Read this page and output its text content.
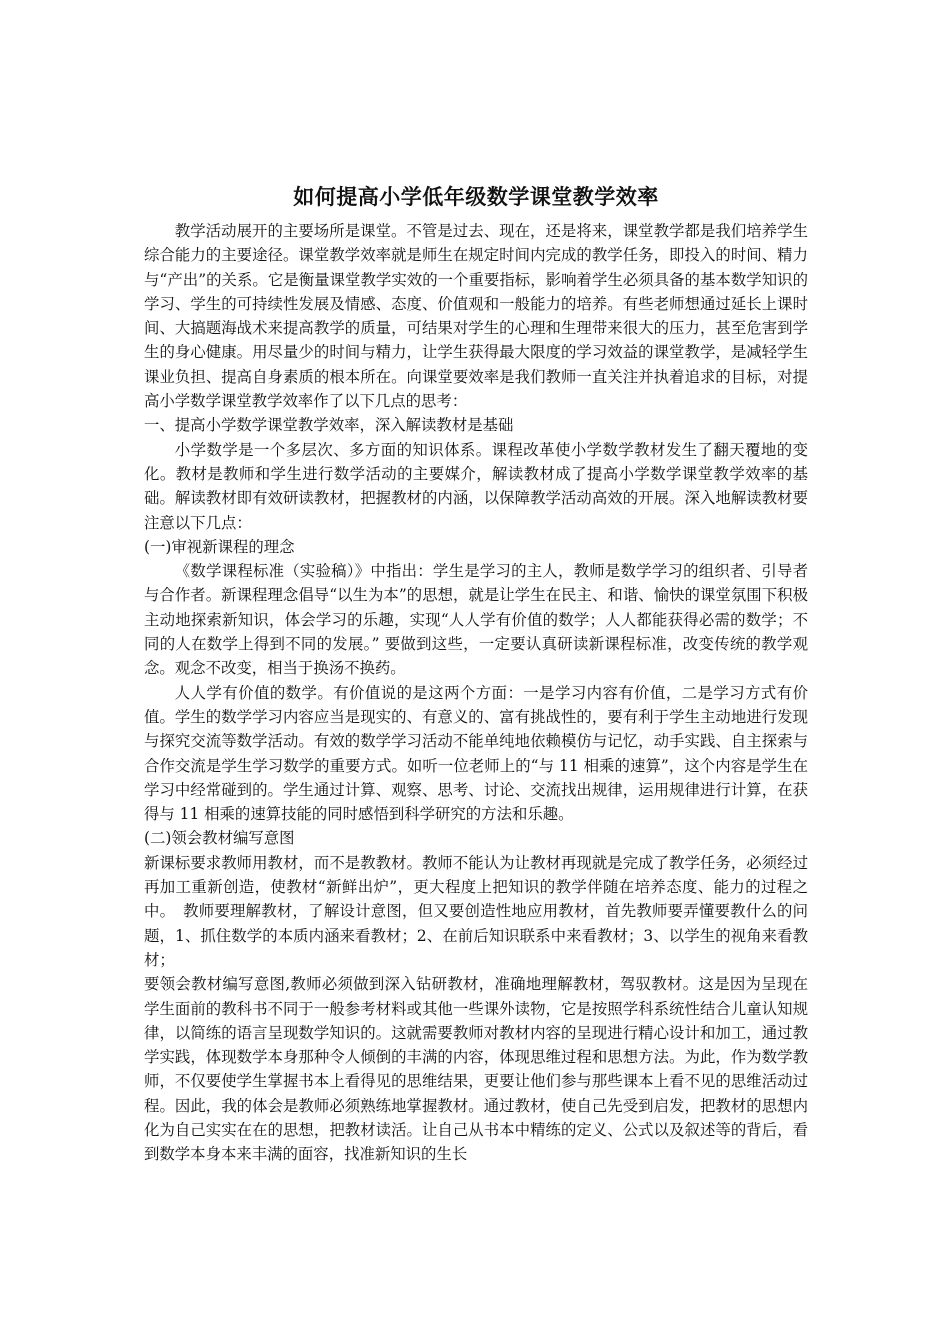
如何提高小学低年级数学课堂教学效率

教学活动展开的主要场所是课堂。不管是过去、现在，还是将来，课堂教学都是我们培养学生综合能力的主要途径。课堂教学效率就是师生在规定时间内完成的教学任务，即投入的时间、精力与“产出”的关系。它是衡量课堂教学实效的一个重要指标，影响着学生必须具备的基本数学知识的学习、学生的可持续性发展及情感、态度、价值观和一般能力的培养。有些老师想通过延长上课时间、大搞题海战术来提高教学的质量，可结果对学生的心理和生理带来很大的压力，甚至危害到学生的身心健康。用尽量少的时间与精力，让学生获得最大限度的学习效益的课堂教学，是减轻学生课业负担、提高自身素质的根本所在。向课堂要效率是我们教师一直关注并执着追求的目标，对提高小学数学课堂教学效率作了以下几点的思考：

一、提高小学数学课堂教学效率，深入解读教材是基础

小学数学是一个多层次、多方面的知识体系。课程改革使小学数学教材发生了翻天覆地的变化。教材是教师和学生进行数学活动的主要媒介，解读教材成了提高小学数学课堂教学效率的基础。解读教材即有效研读教材，把握教材的内涵，以保障教学活动高效的开展。深入地解读教材要注意以下几点：

(一)审视新课程的理念

《数学课程标准（实验稿）》中指出：学生是学习的主人，教师是数学学习的组织者、引导者与合作者。新课程理念倡导“以生为本”的思想，就是让学生在民主、和谐、愉快的课堂氛围下积极主动地探索新知识，体会学习的乐趣，实现“人人学有价值的数学；人人都能获得必需的数学；不同的人在数学上得到不同的发展。” 要做到这些，一定要认真研读新课程标准，改变传统的教学观念。观念不改变，相当于换汤不换药。

人人学有价值的数学。有价值说的是这两个方面：一是学习内容有价值，二是学习方式有价值。学生的数学学习内容应当是现实的、有意义的、富有挑战性的，要有利于学生主动地进行发现与探究交流等数学活动。有效的数学学习活动不能单纯地依赖模仿与记忆，动手实践、自主探索与合作交流是学生学习数学的重要方式。如听一位老师上的“与 11 相乘的速算”，这个内容是学生在学习中经常碰到的。学生通过计算、观察、思考、讨论、交流找出规律，运用规律进行计算，在获得与 11 相乘的速算技能的同时感悟到科学研究的方法和乐趣。

(二)领会教材编写意图

新课标要求教师用教材，而不是教教材。教师不能认为让教材再现就是完成了教学任务，必须经过再加工重新创造，使教材“新鲜出炉”，更大程度上把知识的教学伴随在培养态度、能力的过程之中。　教师要理解教材，了解设计意图，但又要创造性地应用教材，首先教师要弄懂要教什么的问题，1、抓住数学的本质内涵来看教材；2、在前后知识联系中来看教材；3、以学生的视角来看教材；

要领会教材编写意图,教师必须做到深入钻研教材，准确地理解教材，驾驭教材。这是因为呈现在学生面前的教科书不同于一般参考材料或其他一些课外读物，它是按照学科系统性结合儿童认知规律，以简练的语言呈现数学知识的。这就需要教师对教材内容的呈现进行精心设计和加工，通过教学实践，体现数学本身那种令人倾倒的丰满的内容，体现思维过程和思想方法。为此，作为数学教师，不仅要使学生掌握书本上看得见的思维结果，更要让他们参与那些课本上看不见的思维活动过程。因此，我的体会是教师必须熟练地掌握教材。通过教材，使自己先受到启发，把教材的思想内化为自己实实在在的思想，把教材读活。让自己从书本中精练的定义、公式以及叙述等的背后，看到数学本身本来丰满的面容，找准新知识的生长
